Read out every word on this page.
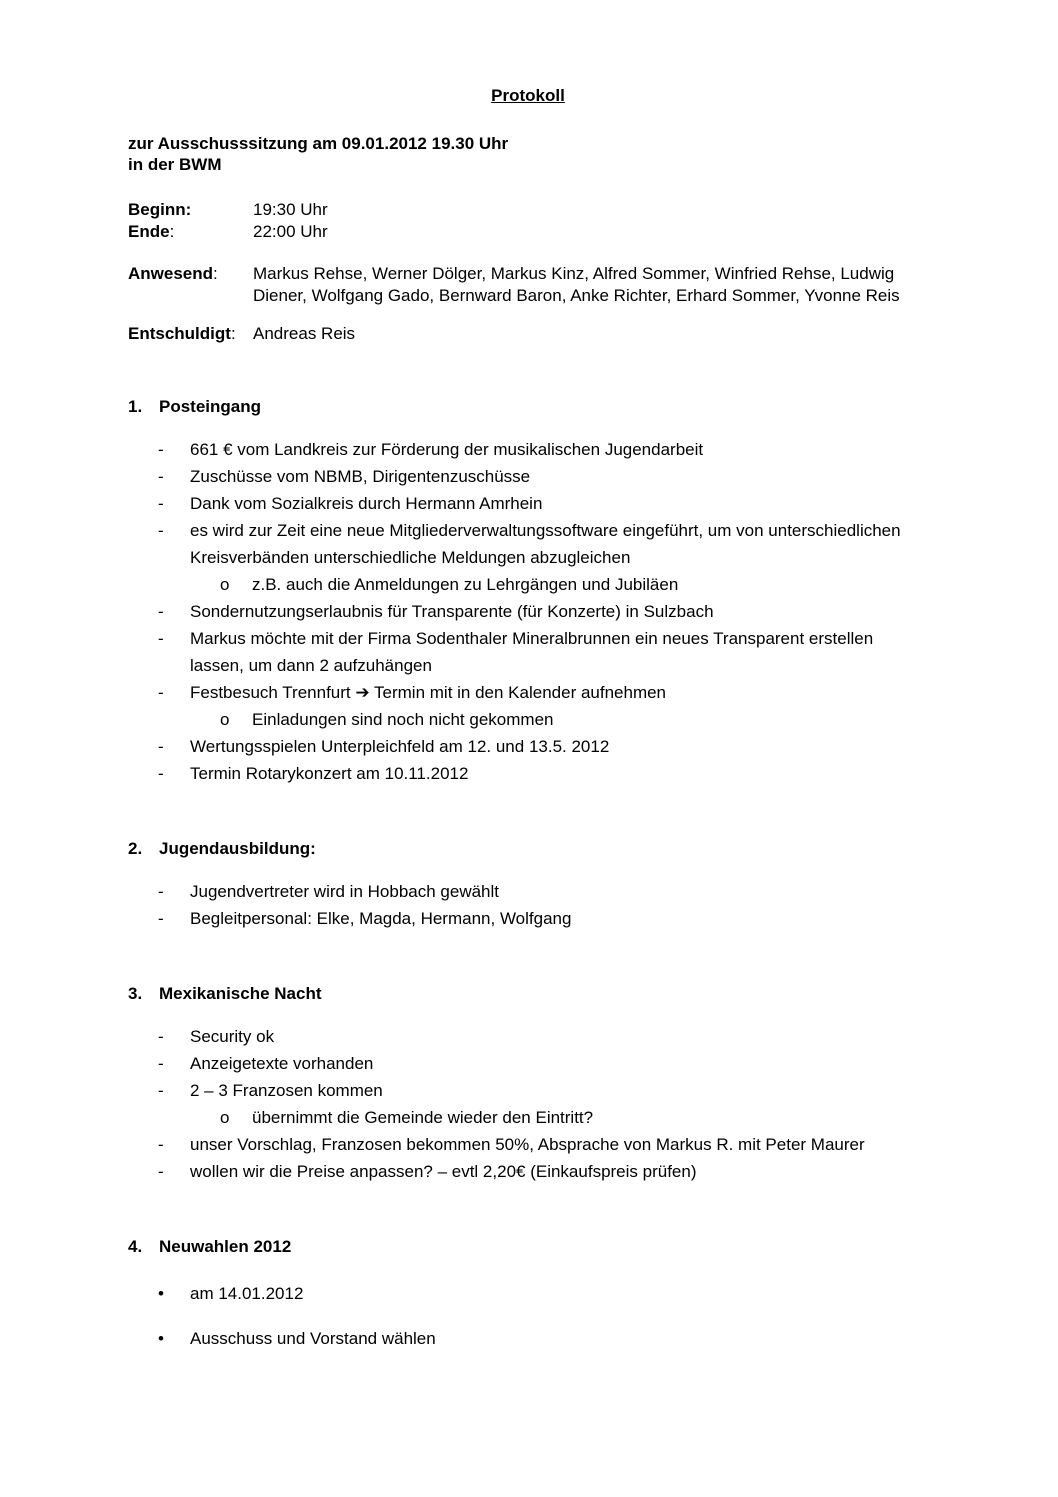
Protokoll
zur Ausschusssitzung am 09.01.2012 19.30 Uhr
in der BWM
Beginn:	19:30 Uhr
Ende:	22:00 Uhr
Anwesend:	Markus Rehse, Werner Dölger, Markus Kinz, Alfred Sommer, Winfried Rehse, Ludwig Diener, Wolfgang Gado, Bernward Baron, Anke Richter, Erhard Sommer, Yvonne Reis
Entschuldigt:	Andreas Reis
1. Posteingang
-	661 € vom Landkreis zur Förderung der musikalischen Jugendarbeit
-	Zuschüsse vom NBMB, Dirigentenzuschüsse
-	Dank vom Sozialkreis durch Hermann Amrhein
-	es wird zur Zeit eine neue Mitgliederverwaltungssoftware eingeführt, um von unterschiedlichen Kreisverbänden unterschiedliche Meldungen abzugleichen
o	z.B. auch die Anmeldungen zu Lehrgängen und Jubiläen
-	Sondernutzungserlaubnis für Transparente (für Konzerte) in Sulzbach
-	Markus möchte mit der Firma Sodenthaler Mineralbrunnen ein neues Transparent erstellen lassen, um dann 2 aufzuhängen
-	Festbesuch Trennfurt ➔ Termin mit in den Kalender aufnehmen
o	Einladungen sind noch nicht gekommen
-	Wertungsspielen Unterpleichfeld am 12. und 13.5. 2012
-	Termin Rotarykonzert am 10.11.2012
2. Jugendausbildung:
-	Jugendvertreter wird in Hobbach gewählt
-	Begleitpersonal: Elke, Magda, Hermann, Wolfgang
3. Mexikanische Nacht
-	Security ok
-	Anzeigetexte vorhanden
-	2 – 3 Franzosen kommen
o	übernimmt die Gemeinde wieder den Eintritt?
-	unser Vorschlag, Franzosen bekommen 50%, Absprache von Markus R. mit Peter Maurer
-	wollen wir die Preise anpassen? – evtl 2,20€ (Einkaufspreis prüfen)
4. Neuwahlen 2012
•	am 14.01.2012
•	Ausschuss und Vorstand wählen
